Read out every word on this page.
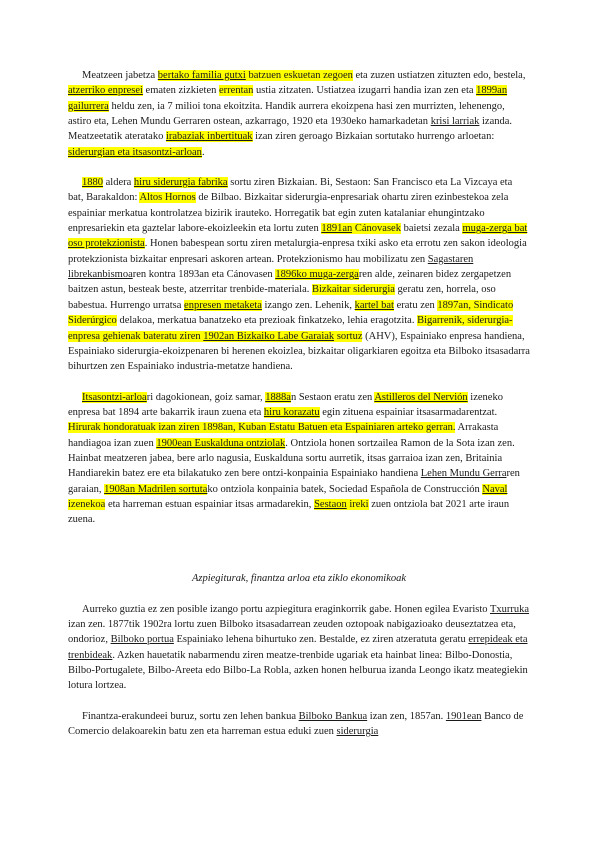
Meatzeen jabetza bertako familia gutxi batzuen eskuetan zegoen eta zuzen ustiatzen zituzten edo, bestela, atzerriko enpresei ematen zizkieten errentan ustia zitzaten. Ustiatzea izugarri handia izan zen eta 1899an gailurrera heldu zen, ia 7 milioi tona ekoitzita. Handik aurrera ekoizpena hasi zen murrizten, lehenengo, astiro eta, Lehen Mundu Gerraren ostean, azkarrago, 1920 eta 1930eko hamarkadetan krisi larriak izanda. Meatzeetatik ateratako irabaziak inbertituak izan ziren geroago Bizkaian sortutako hurrengo arloetan: siderurgian eta itsasontzi-arloan.

1880 aldera hiru siderurgia fabrika sortu ziren Bizkaian. Bi, Sestaon: San Francisco eta La Vizcaya eta bat, Barakaldon: Altos Hornos de Bilbao. Bizkaitar siderurgia-enpresariak ohartu ziren ezinbestekoa zela espainiar merkatua kontrolatzea bizirik irauteko. Horregatik bat egin zuten katalaniar ehungintzako enpresariekin eta gaztelar labore-ekoizleekin eta lortu zuten 1891an Cánovasek baietsi zezala muga-zerga bat oso protekzionista. Honen babespean sortu ziren metalurgia-enpresa txiki asko eta errotu zen sakon ideologia protekzionista bizkaitar enpresari askoren artean. Protekzionismo hau mobilizatu zen Sagastaren librekanbismoaren kontra 1893an eta Cánovasen 1896ko muga-zergaren alde, zeinaren bidez zergapetzen baitzen astun, besteak beste, atzerritar trenbide-materiala. Bizkaitar siderurgia geratu zen, horrela, oso babestua. Hurrengo urratsa enpresen metaketa izango zen. Lehenik, kartel bat eratu zen 1897an, Sindicato Siderúrgico delakoa, merkatua banatzeko eta prezioak finkatzeko, lehia eragotzita. Bigarrenik, siderurgia-enpresa gehienak bateratu ziren 1902an Bizkaiko Labe Garaiak sortuz (AHV), Espainiako enpresa handiena, Espainiako siderurgia-ekoizpenaren bi herenen ekoizlea, bizkaitar oligarkiaren egoitza eta Bilboko itsasadarra bihurtzen zen Espainiako industria-metatze handiena.

Itsasontzi-arloari dagokionean, goiz samar, 1888an Sestaon eratu zen Astilleros del Nervión izeneko enpresa bat 1894 arte bakarrik iraun zuena eta hiru korazatu egin zituena espainiar itsasarmadarentzat. Hirurak hondoratuak izan ziren 1898an, Kuban Estatu Batuen eta Espainiaren arteko gerran. Arrakasta handiagoa izan zuen 1900ean Euskalduna ontziolak. Ontziola honen sortzailea Ramon de la Sota izan zen. Hainbat meatzeren jabea, bere arlo nagusia, Euskalduna sortu aurretik, itsas garraioa izan zen, Britainia Handiarekin batez ere eta bilakatuko zen bere ontzi-konpainia Espainiako handiena Lehen Mundu Gerraren garaian, 1908an Madrilen sortutako ontziola konpainia batek, Sociedad Española de Construcción Naval izenekoa eta harreman estuan espainiar itsas armadarekin, Sestaon ireki zuen ontziola bat 2021 arte iraun zuena.

Azpiegiturak, finantza arloa eta ziklo ekonomikoak

Aurreko guztia ez zen posible izango portu azpiegitura eraginkorrik gabe. Honen egilea Evaristo Txurruka izan zen. 1877tik 1902ra lortu zuen Bilboko itsasadarrean zeuden oztopoak nabigazioako deuseztatzea eta, ondorioz, Bilboko portua Espainiako lehena bihurtuko zen. Bestalde, ez ziren atzeratuta geratu errepideak eta trenbideak. Azken hauetatik nabarmendu ziren meatze-trenbide ugariak eta hainbat linea: Bilbo-Donostia, Bilbo-Portugalete, Bilbo-Areeta edo Bilbo-La Robla, azken honen helburua izanda Leongo ikatz meategiekin lotura lortzea.

Finantza-erakundeei buruz, sortu zen lehen bankua Bilboko Bankua izan zen, 1857an. 1901ean Banco de Comercio delakoarekin batu zen eta harreman estua eduki zuen siderurgia
